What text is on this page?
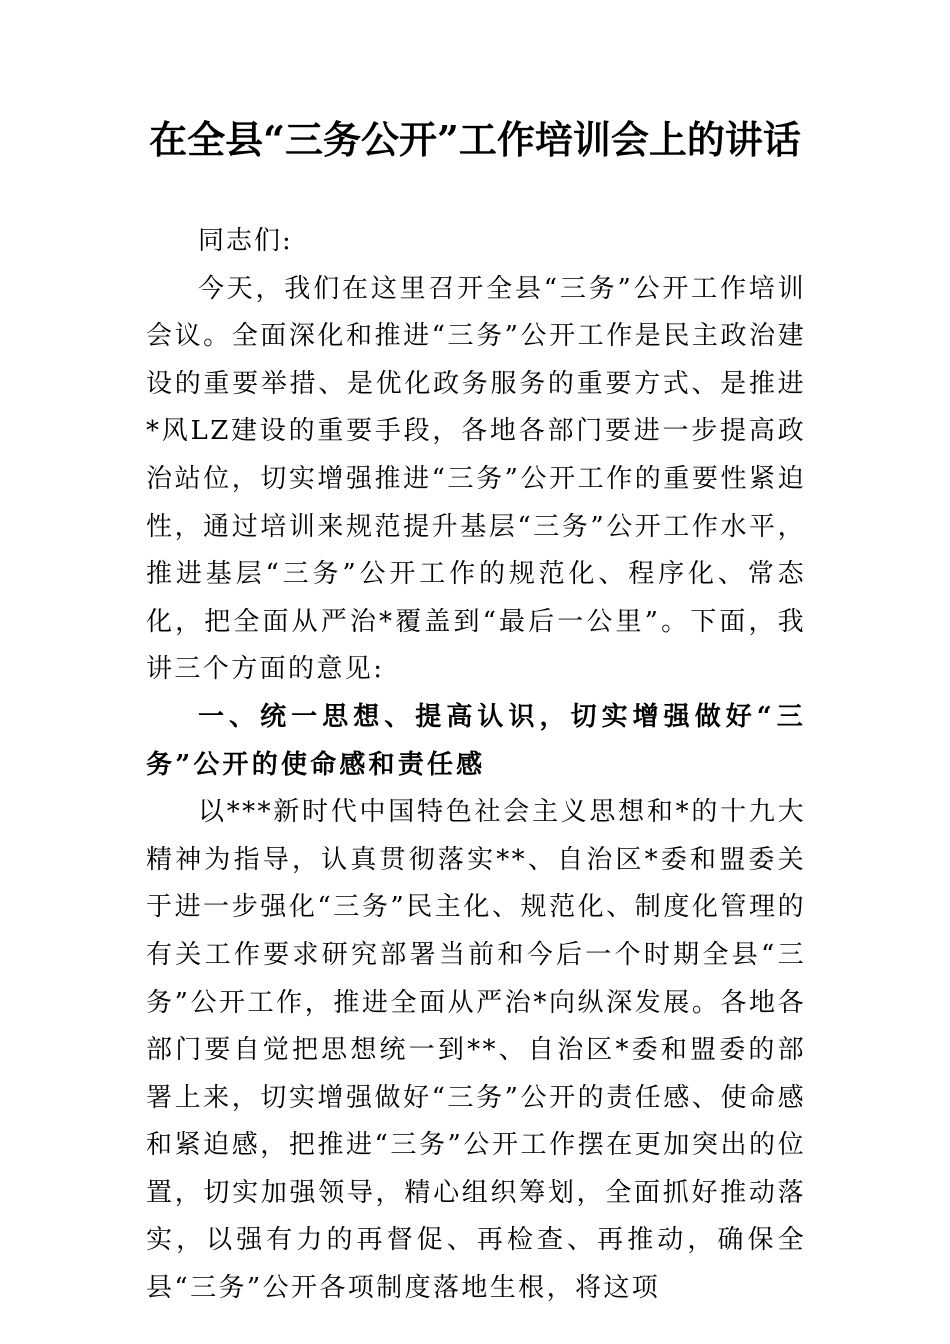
在全县“三务公开”工作培训会上的讲话

同志们:

今天，我们在这里召开全县“三务”公开工作培训会议。全面深化和推进“三务”公开工作是民主政治建设的重要举措、是优化政务服务的重要方式、是推进*风LZ建设的重要手段，各地各部门要进一步提高政治站位，切实增强推进“三务”公开工作的重要性紧迫性，通过培训来规范提升基层“三务”公开工作水平，推进基层“三务”公开工作的规范化、程序化、常态化，把全面从严治*覆盖到“最后一公里”。下面，我讲三个方面的意见:

一、统一思想、提高认识，切实增强做好“三务”公开的使命感和责任感

以***新时代中国特色社会主义思想和*的十九大精神为指导，认真贯彻落实**、自治区*委和盟委关于进一步强化“三务”民主化、规范化、制度化管理的有关工作要求研究部署当前和今后一个时期全县“三务”公开工作，推进全面从严治*向纵深发展。各地各部门要自觉把思想统一到**、自治区*委和盟委的部署上来，切实增强做好“三务”公开的责任感、使命感和紧迫感，把推进“三务”公开工作摆在更加突出的位置，切实加强领导，精心组织筹划，全面抓好推动落实，以强有力的再督促、再检查、再推动，确保全县“三务”公开各项制度落地生根，将这项
